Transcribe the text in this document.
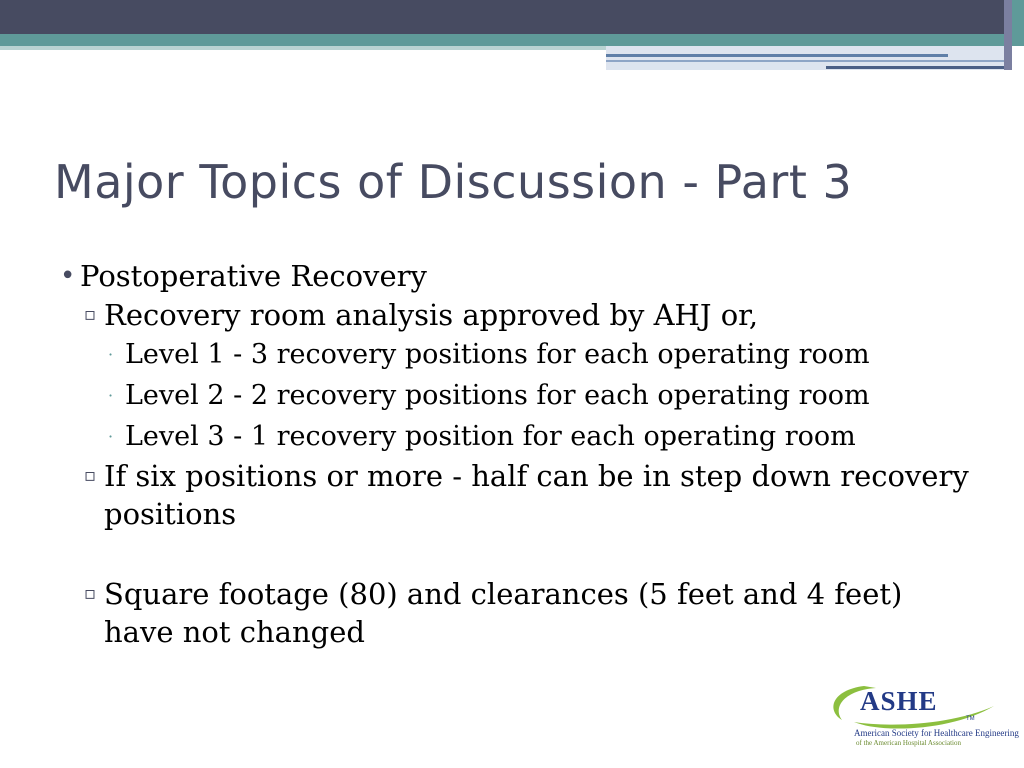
Major Topics of Discussion - Part 3
• Postoperative Recovery
▫ Recovery room analysis approved by AHJ or,
· Level 1 - 3 recovery positions for each operating room
· Level 2 - 2 recovery positions for each operating room
· Level 3 - 1 recovery position for each operating room
▫ If six positions or more - half can be in step down recovery positions
▫ Square footage (80) and clearances (5 feet and 4 feet) have not changed
ASHE
TM
American Society for Healthcare Engineering
of the American Hospital Association
